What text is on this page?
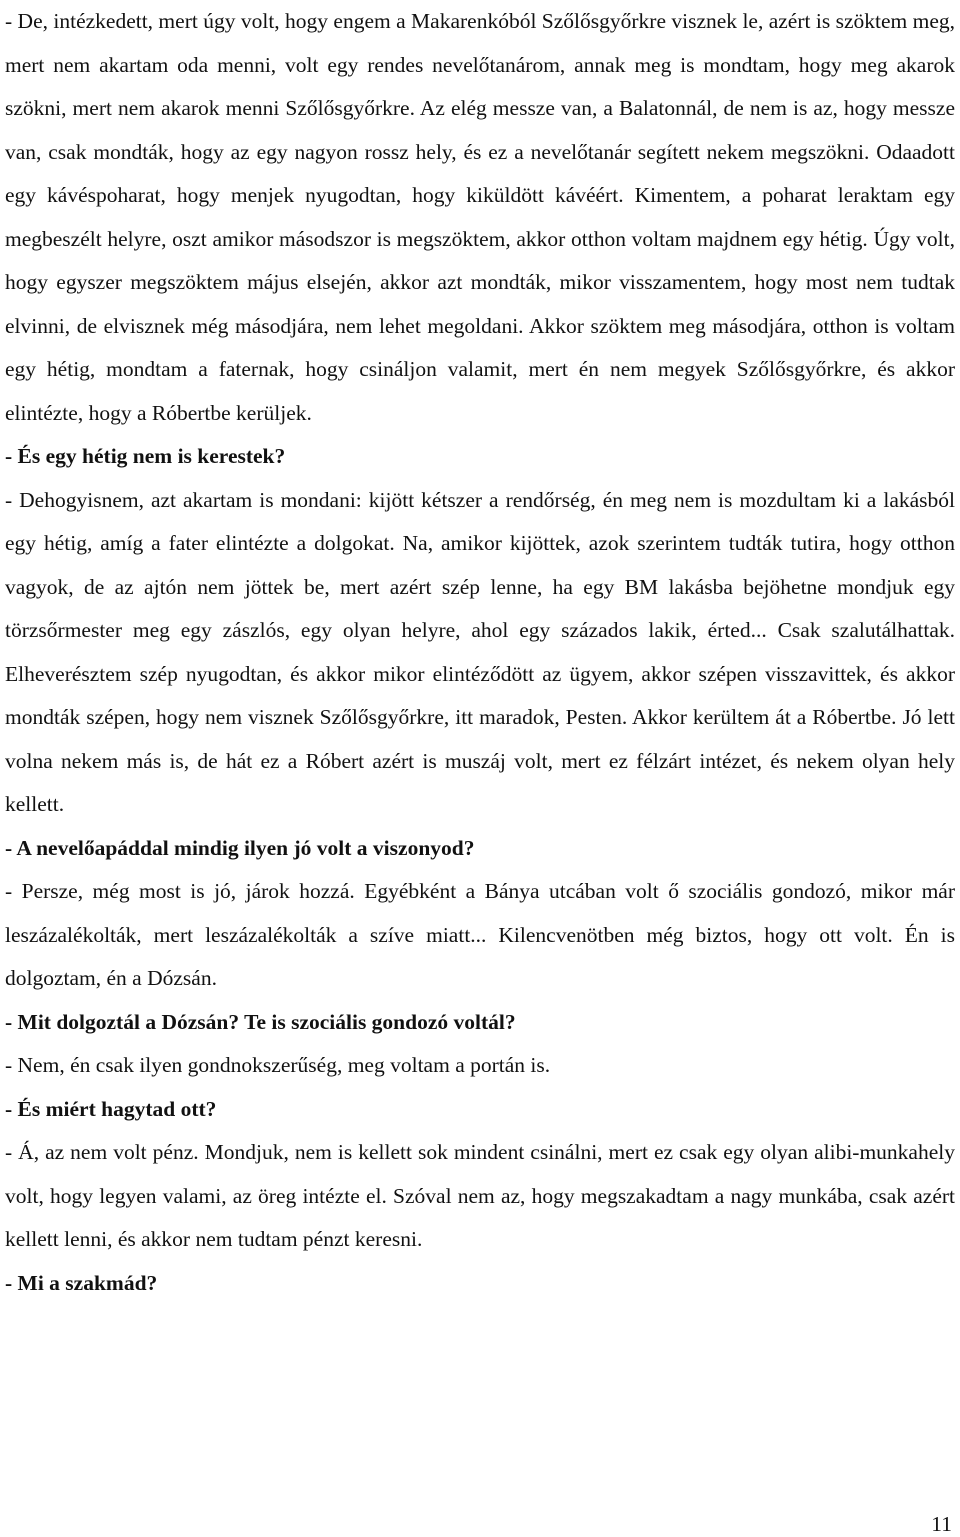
- De, intézkedett, mert úgy volt, hogy engem a Makarenkóból Szőlősgyőrkre visznek le, azért is szöktem meg, mert nem akartam oda menni, volt egy rendes nevelőtanárom, annak meg is mondtam, hogy meg akarok szökni, mert nem akarok menni Szőlősgyőrkre. Az elég messze van, a Balatonnál, de nem is az, hogy messze van, csak mondták, hogy az egy nagyon rossz hely, és ez a nevelőtanár segített nekem megszökni. Odaadott egy kávéspoharat, hogy menjek nyugodtan, hogy kiküldött kávéért. Kimentem, a poharat leraktam egy megbeszélt helyre, oszt amikor másodszor is megszöktem, akkor otthon voltam majdnem egy hétig. Úgy volt, hogy egyszer megszöktem május elsején, akkor azt mondták, mikor visszamentem, hogy most nem tudtak elvinni, de elvisznek még másodjára, nem lehet megoldani. Akkor szöktem meg másodjára, otthon is voltam egy hétig, mondtam a faternak, hogy csináljon valamit, mert én nem megyek Szőlősgyőrkre, és akkor elintézte, hogy a Róbertbe kerüljek.

- És egy hétig nem is kerestek?

- Dehogyisnem, azt akartam is mondani: kijött kétszer a rendőrség, én meg nem is mozdultam ki a lakásból egy hétig, amíg a fater elintézte a dolgokat. Na, amikor kijöttek, azok szerintem tudták tutira, hogy otthon vagyok, de az ajtón nem jöttek be, mert azért szép lenne, ha egy BM lakásba bejöhetne mondjuk egy törzsőrmester meg egy zászlós, egy olyan helyre, ahol egy százados lakik, érted... Csak szalutálhattak. Elheverésztem szép nyugodtan, és akkor mikor elintéződött az ügyem, akkor szépen visszavittek, és akkor mondták szépen, hogy nem visznek Szőlősgyőrkre, itt maradok, Pesten. Akkor kerültem át a Róbertbe. Jó lett volna nekem más is, de hát ez a Róbert azért is muszáj volt, mert ez félzárt intézet, és nekem olyan hely kellett.

- A nevelőapáddal mindig ilyen jó volt a viszonyod?

- Persze, még most is jó, járok hozzá. Egyébként a Bánya utcában volt ő szociális gondozó, mikor már leszázalékolták, mert leszázalékolták a szíve miatt... Kilencvenötben még biztos, hogy ott volt. Én is dolgoztam, én a Dózsán.

- Mit dolgoztál a Dózsán? Te is szociális gondozó voltál?

- Nem, én csak ilyen gondnokszerűség, meg voltam a portán is.

- És miért hagytad ott?

- Á, az nem volt pénz. Mondjuk, nem is kellett sok mindent csinálni, mert ez csak egy olyan alibi-munkahely volt, hogy legyen valami, az öreg intézte el. Szóval nem az, hogy megszakadtam a nagy munkába, csak azért kellett lenni, és akkor nem tudtam pénzt keresni.

- Mi a szakmád?

11
